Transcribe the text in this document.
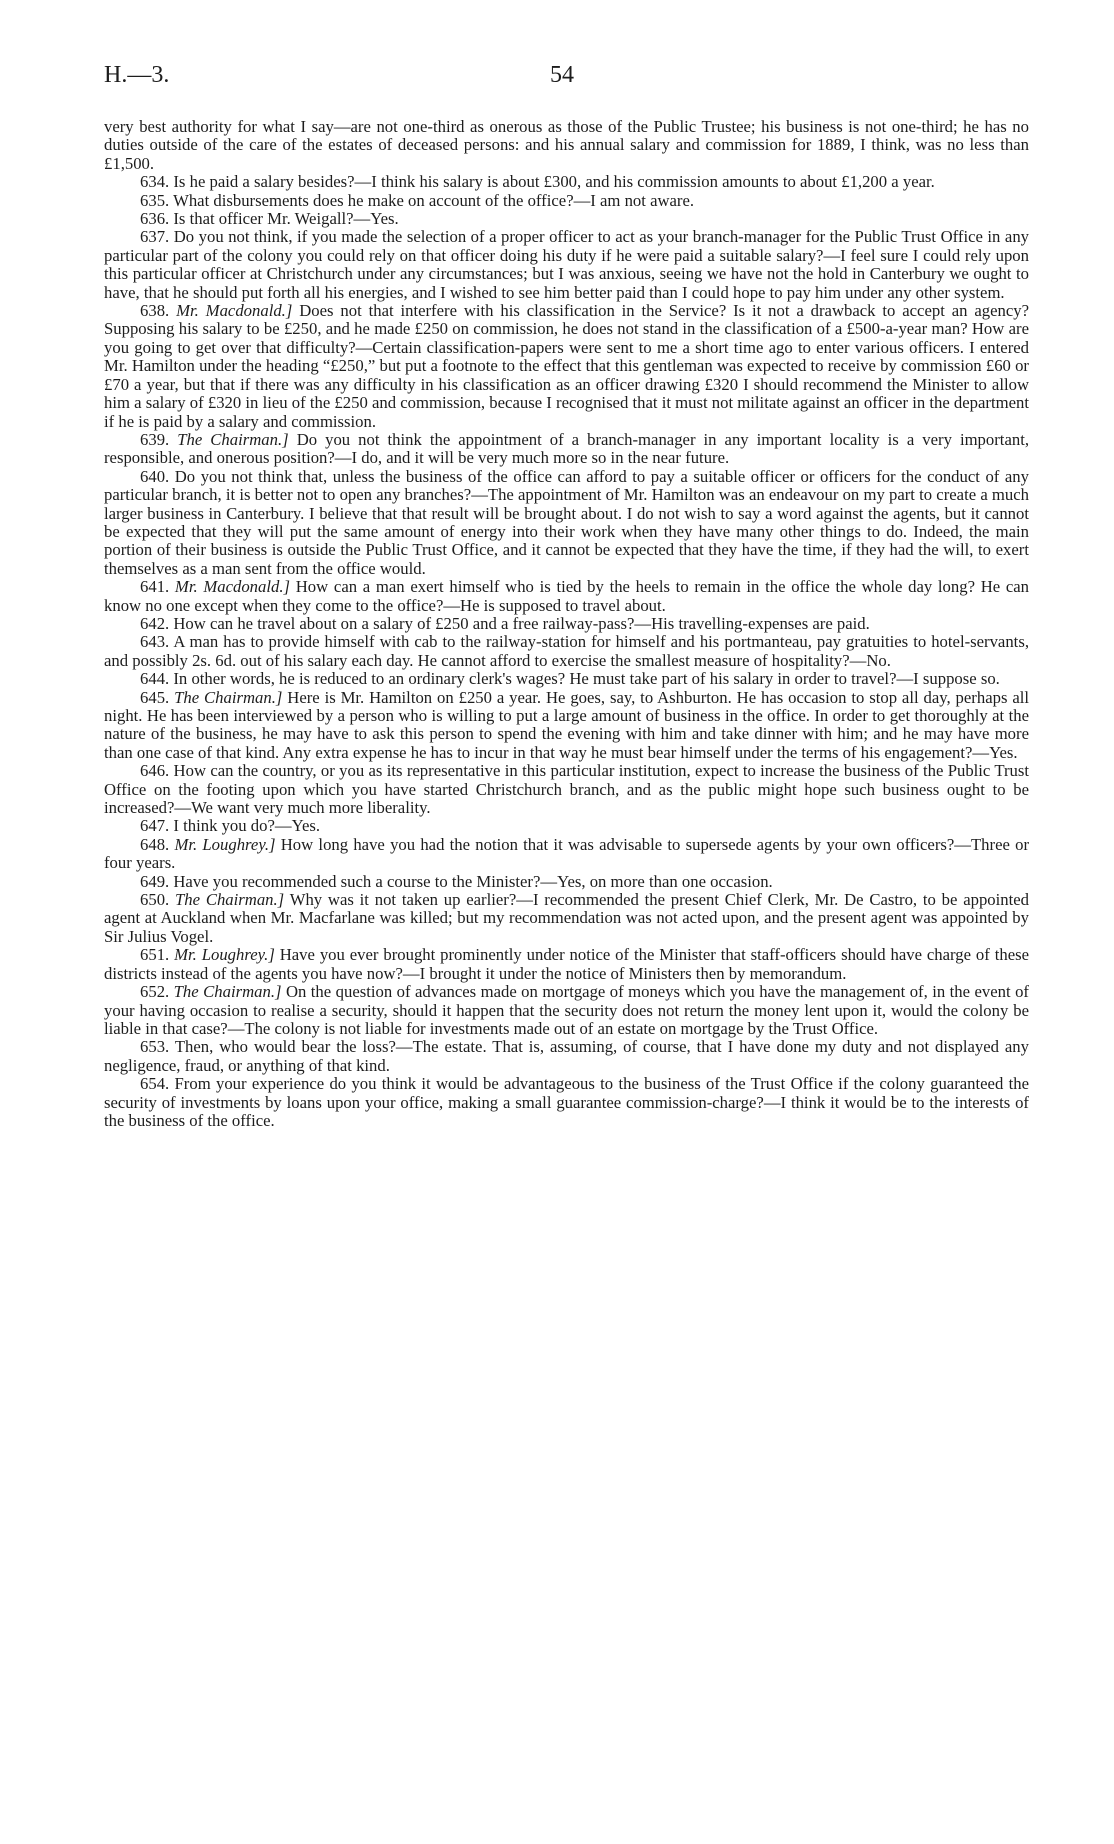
H.—3.	54

very best authority for what I say—are not one-third as onerous as those of the Public Trustee; his business is not one-third; he has no duties outside of the care of the estates of deceased persons: and his annual salary and commission for 1889, I think, was no less than £1,500.

634. Is he paid a salary besides?—I think his salary is about £300, and his commission amounts to about £1,200 a year.

635. What disbursements does he make on account of the office?—I am not aware.

636. Is that officer Mr. Weigall?—Yes.

637. Do you not think, if you made the selection of a proper officer to act as your branch-manager for the Public Trust Office in any particular part of the colony you could rely on that officer doing his duty if he were paid a suitable salary?—I feel sure I could rely upon this particular officer at Christchurch under any circumstances; but I was anxious, seeing we have not the hold in Canterbury we ought to have, that he should put forth all his energies, and I wished to see him better paid than I could hope to pay him under any other system.

638. Mr. Macdonald.] Does not that interfere with his classification in the Service? Is it not a drawback to accept an agency? Supposing his salary to be £250, and he made £250 on commission, he does not stand in the classification of a £500-a-year man? How are you going to get over that difficulty?—Certain classification-papers were sent to me a short time ago to enter various officers. I entered Mr. Hamilton under the heading “£250,” but put a footnote to the effect that this gentleman was expected to receive by commission £60 or £70 a year, but that if there was any difficulty in his classification as an officer drawing £320 I should recommend the Minister to allow him a salary of £320 in lieu of the £250 and commission, because I recognised that it must not militate against an officer in the department if he is paid by a salary and commission.

639. The Chairman.] Do you not think the appointment of a branch-manager in any important locality is a very important, responsible, and onerous position?—I do, and it will be very much more so in the near future.

640. Do you not think that, unless the business of the office can afford to pay a suitable officer or officers for the conduct of any particular branch, it is better not to open any branches?—The appointment of Mr. Hamilton was an endeavour on my part to create a much larger business in Canterbury. I believe that that result will be brought about. I do not wish to say a word against the agents, but it cannot be expected that they will put the same amount of energy into their work when they have many other things to do. Indeed, the main portion of their business is outside the Public Trust Office, and it cannot be expected that they have the time, if they had the will, to exert themselves as a man sent from the office would.

641. Mr. Macdonald.] How can a man exert himself who is tied by the heels to remain in the office the whole day long? He can know no one except when they come to the office?—He is supposed to travel about.

642. How can he travel about on a salary of £250 and a free railway-pass?—His travelling-expenses are paid.

643. A man has to provide himself with cab to the railway-station for himself and his portmanteau, pay gratuities to hotel-servants, and possibly 2s. 6d. out of his salary each day. He cannot afford to exercise the smallest measure of hospitality?—No.

644. In other words, he is reduced to an ordinary clerk's wages? He must take part of his salary in order to travel?—I suppose so.

645. The Chairman.] Here is Mr. Hamilton on £250 a year. He goes, say, to Ashburton. He has occasion to stop all day, perhaps all night. He has been interviewed by a person who is willing to put a large amount of business in the office. In order to get thoroughly at the nature of the business, he may have to ask this person to spend the evening with him and take dinner with him; and he may have more than one case of that kind. Any extra expense he has to incur in that way he must bear himself under the terms of his engagement?—Yes.

646. How can the country, or you as its representative in this particular institution, expect to increase the business of the Public Trust Office on the footing upon which you have started Christchurch branch, and as the public might hope such business ought to be increased?—We want very much more liberality.

647. I think you do?—Yes.

648. Mr. Loughrey.] How long have you had the notion that it was advisable to supersede agents by your own officers?—Three or four years.

649. Have you recommended such a course to the Minister?—Yes, on more than one occasion.

650. The Chairman.] Why was it not taken up earlier?—I recommended the present Chief Clerk, Mr. De Castro, to be appointed agent at Auckland when Mr. Macfarlane was killed; but my recommendation was not acted upon, and the present agent was appointed by Sir Julius Vogel.

651. Mr. Loughrey.] Have you ever brought prominently under notice of the Minister that staff-officers should have charge of these districts instead of the agents you have now?—I brought it under the notice of Ministers then by memorandum.

652. The Chairman.] On the question of advances made on mortgage of moneys which you have the management of, in the event of your having occasion to realise a security, should it happen that the security does not return the money lent upon it, would the colony be liable in that case?—The colony is not liable for investments made out of an estate on mortgage by the Trust Office.

653. Then, who would bear the loss?—The estate. That is, assuming, of course, that I have done my duty and not displayed any negligence, fraud, or anything of that kind.

654. From your experience do you think it would be advantageous to the business of the Trust Office if the colony guaranteed the security of investments by loans upon your office, making a small guarantee commission-charge?—I think it would be to the interests of the business of the office.
